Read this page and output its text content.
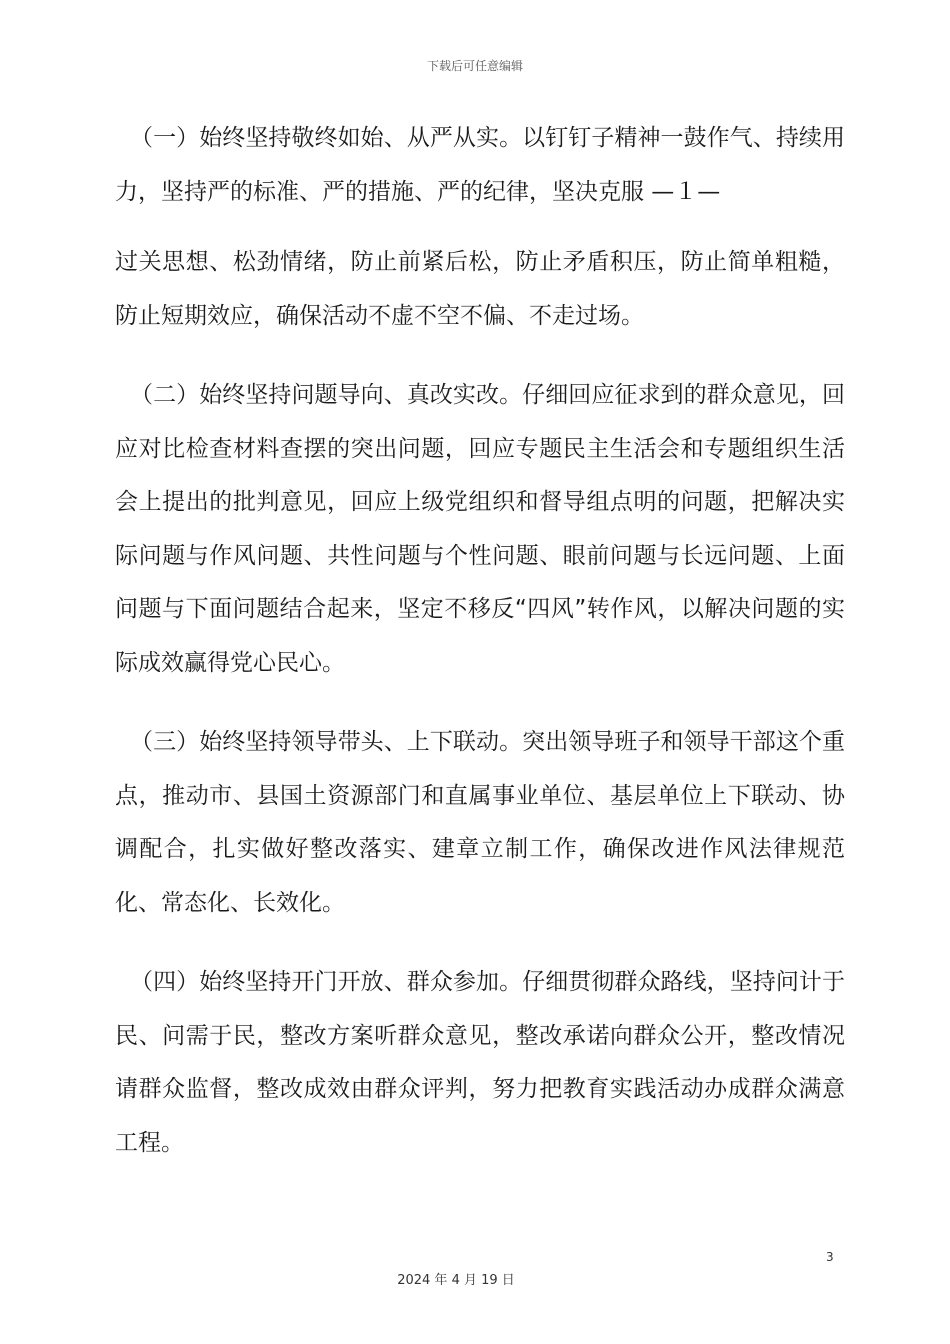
下载后可任意编辑

（一）始终坚持敬终如始、从严从实。以钉钉子精神一鼓作气、持续用力，坚持严的标准、严的措施、严的纪律，坚决克服 —１—

过关思想、松劲情绪，防止前紧后松，防止矛盾积压，防止简单粗糙，防止短期效应，确保活动不虚不空不偏、不走过场。

（二）始终坚持问题导向、真改实改。仔细回应征求到的群众意见，回应对比检查材料查摆的突出问题，回应专题民主生活会和专题组织生活会上提出的批判意见，回应上级党组织和督导组点明的问题，把解决实际问题与作风问题、共性问题与个性问题、眼前问题与长远问题、上面问题与下面问题结合起来，坚定不移反“四风”转作风，以解决问题的实际成效赢得党心民心。

（三）始终坚持领导带头、上下联动。突出领导班子和领导干部这个重点，推动市、县国土资源部门和直属事业单位、基层单位上下联动、协调配合，扎实做好整改落实、建章立制工作，确保改进作风法律规范化、常态化、长效化。

（四）始终坚持开门开放、群众参加。仔细贯彻群众路线，坚持问计于民、问需于民，整改方案听群众意见，整改承诺向群众公开，整改情况请群众监督，整改成效由群众评判，努力把教育实践活动办成群众满意工程。

3
2024 年 4 月 19 日
